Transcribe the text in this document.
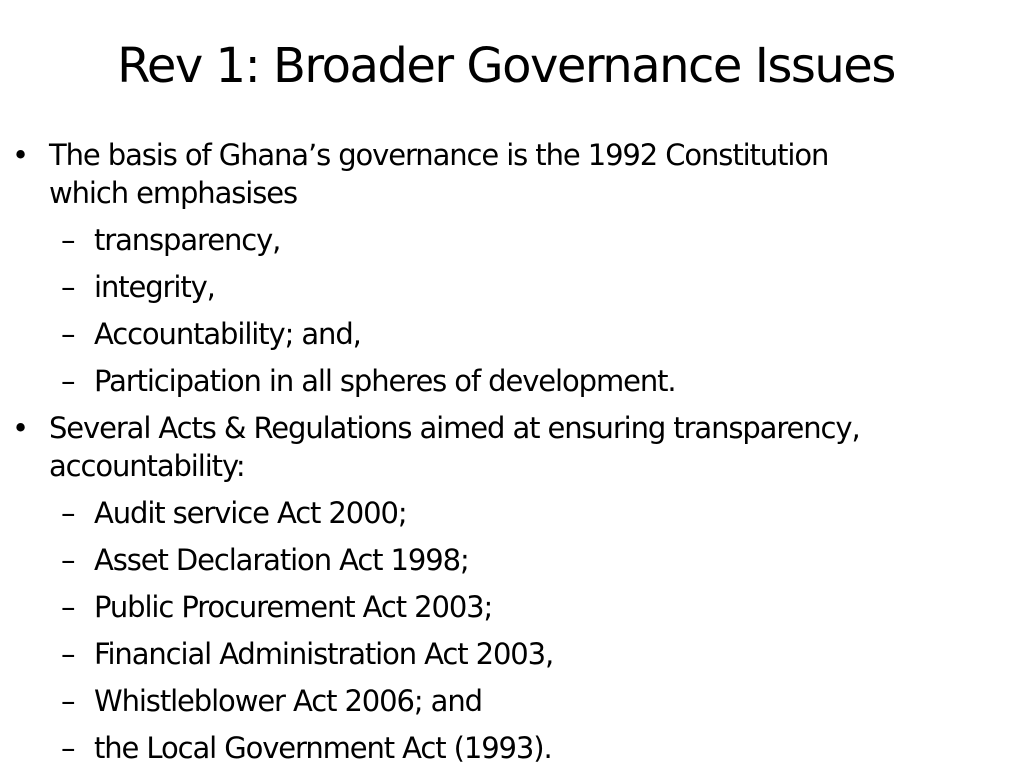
Rev 1: Broader Governance Issues
• The basis of Ghana’s governance is the 1992 Constitution
which emphasises
– transparency,
– integrity,
– Accountability; and,
– Participation in all spheres of development.
• Several Acts & Regulations aimed at ensuring transparency,
accountability:
– Audit service Act 2000;
– Asset Declaration Act 1998;
– Public Procurement Act 2003;
– Financial Administration Act 2003,
– Whistleblower Act 2006; and
– the Local Government Act (1993).
